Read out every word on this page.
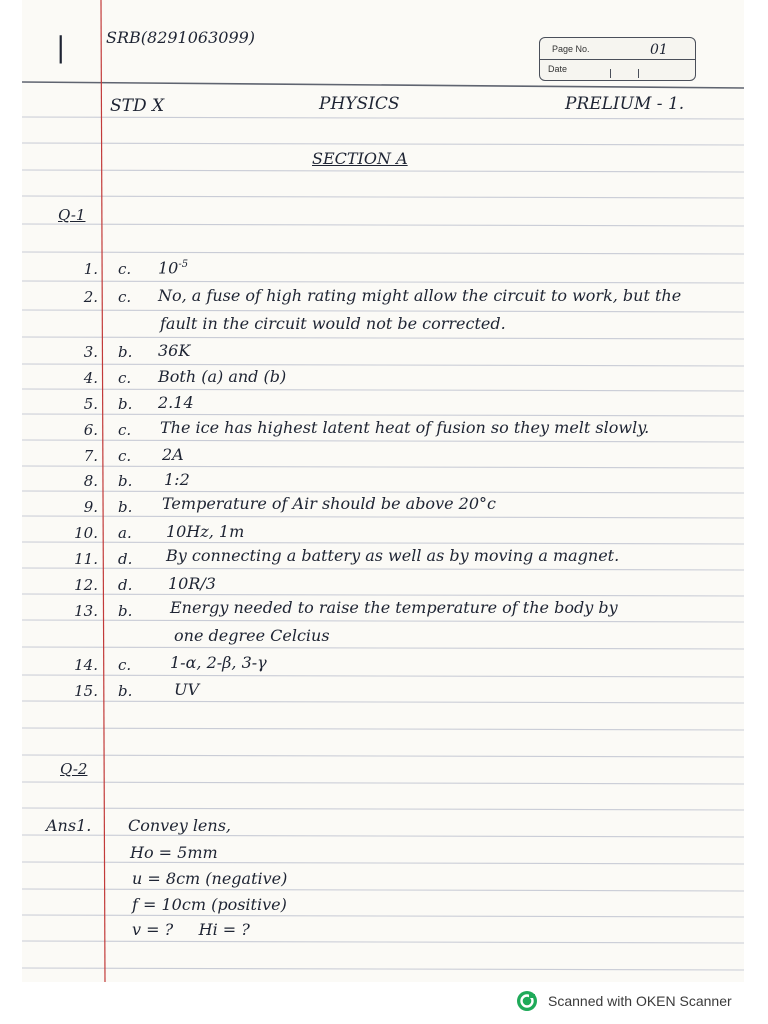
|	SRB(8291063099)
Page No.	01
Date
STD X	PHYSICS	PRELIUM - 1.
SECTION A
Q-1
1. c. $10^{-5}$
2. c. No, a fuse of high rating might allow the circuit to work, but the
fault in the circuit would not be corrected.
3. b. 36K
4. c. Both (a) and (b)
5. b. 2.14
6. c. The ice has highest latent heat of fusion so they melt slowly.
7. c. 2A
8. b. 1:2
9. b. Temperature of Air should be above 20°c
10. a. 10Hz, 1m
11. d. By connecting a battery as well as by moving a magnet.
12. d. 10R/3
13. b. Energy needed to raise the temperature of the body by
one degree Celcius
14. c. 1-α, 2-β, 3-γ
15. b.	UV
Q-2
Ans1. Convey lens,
Ho = 5mm
u = 8cm (negative)
f = 10cm (positive)
v = ?     Hi = ?
Scanned with OKEN Scanner
